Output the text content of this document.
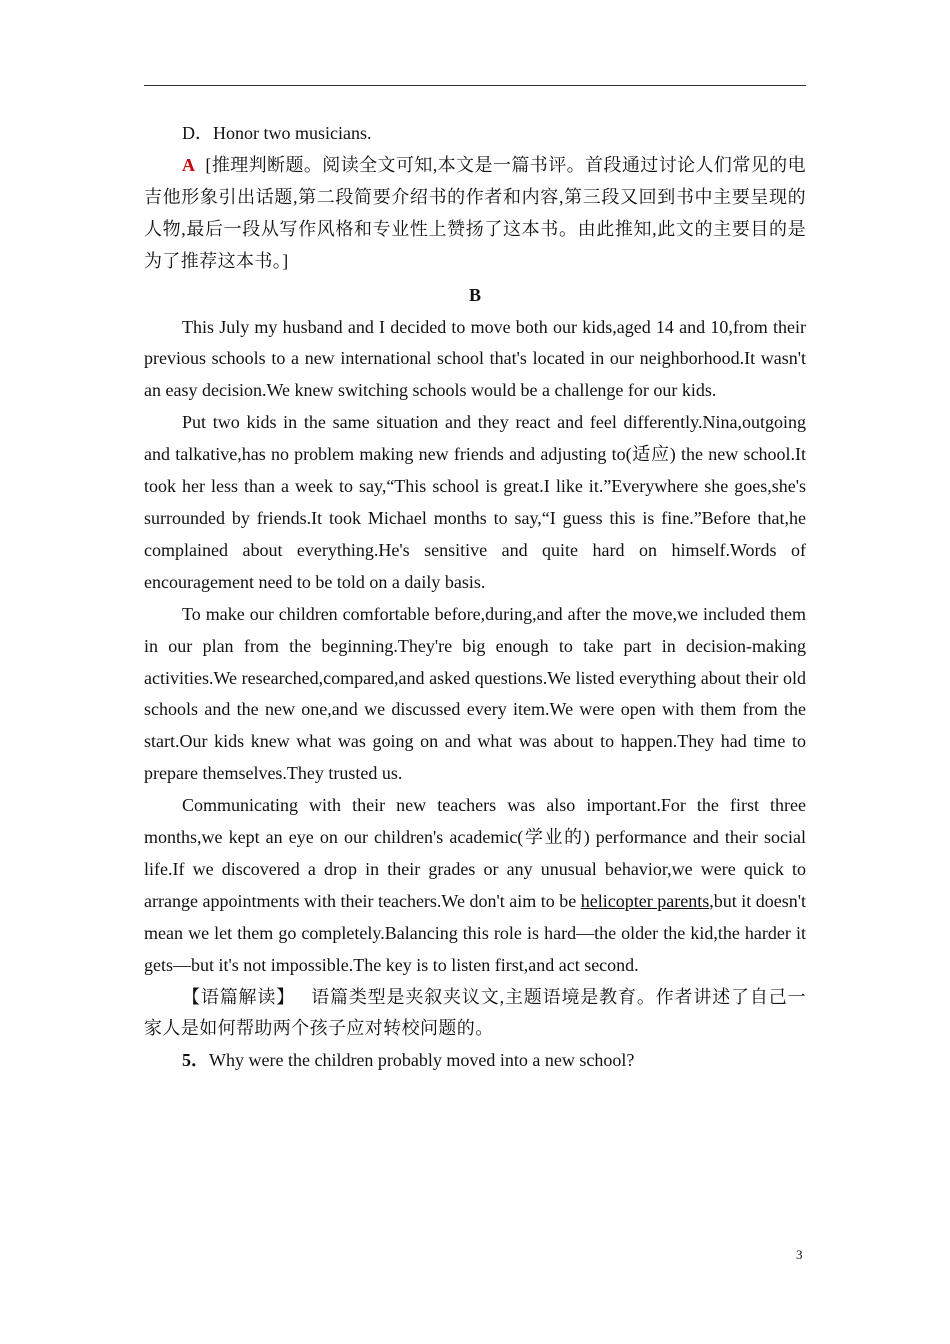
D．Honor two musicians.

A [推理判断题。阅读全文可知,本文是一篇书评。首段通过讨论人们常见的电吉他形象引出话题,第二段简要介绍书的作者和内容,第三段又回到书中主要呈现的人物,最后一段从写作风格和专业性上赞扬了这本书。由此推知,此文的主要目的是为了推荐这本书。]

B

This July my husband and I decided to move both our kids,aged 14 and 10,from their previous schools to a new international school that's located in our neighborhood.It wasn't an easy decision.We knew switching schools would be a challenge for our kids.

Put two kids in the same situation and they react and feel differently.Nina,outgoing and talkative,has no problem making new friends and adjusting to(适应) the new school.It took her less than a week to say,“This school is great.I like it.”Everywhere she goes,she's surrounded by friends.It took Michael months to say,“I guess this is fine.”Before that,he complained about everything.He's sensitive and quite hard on himself.Words of encouragement need to be told on a daily basis.

To make our children comfortable before,during,and after the move,we included them in our plan from the beginning.They're big enough to take part in decision-making activities.We researched,compared,and asked questions.We listed everything about their old schools and the new one,and we discussed every item.We were open with them from the start.Our kids knew what was going on and what was about to happen.They had time to prepare themselves.They trusted us.

Communicating with their new teachers was also important.For the first three months,we kept an eye on our children's academic(学业的) performance and their social life.If we discovered a drop in their grades or any unusual behavior,we were quick to arrange appointments with their teachers.We don't aim to be helicopter parents,but it doesn't mean we let them go completely.Balancing this role is hard—the older the kid,the harder it gets—but it's not impossible.The key is to listen first,and act second.

【语篇解读】 语篇类型是夹叙夹议文,主题语境是教育。作者讲述了自己一家人是如何帮助两个孩子应对转校问题的。

5．Why were the children probably moved into a new school?

3
